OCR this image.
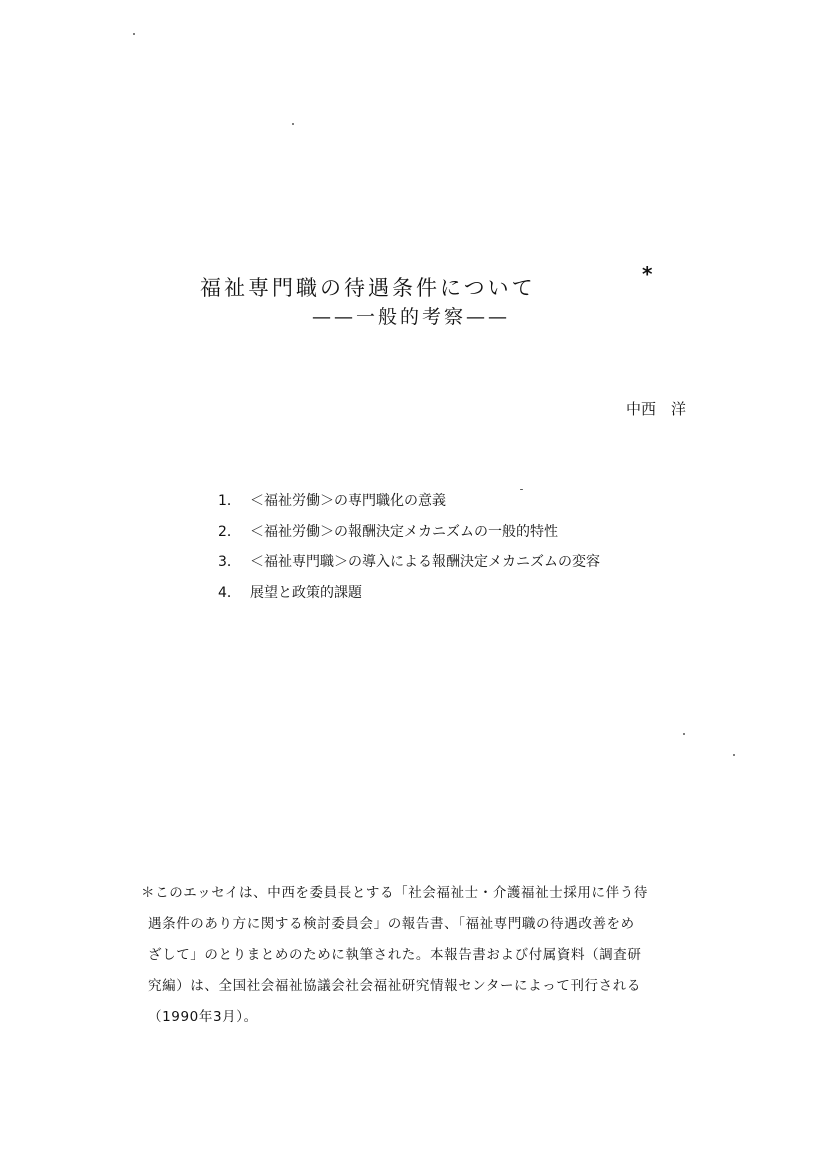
福祉専門職の待遇条件について
*
——一般的考察——
中西　洋
1． ＜福祉労働＞の専門職化の意義
2． ＜福祉労働＞の報酬決定メカニズムの一般的特性
3． ＜福祉専門職＞の導入による報酬決定メカニズムの変容
4． 展望と政策的課題
＊このエッセイは、中西を委員長とする「社会福祉士・介護福祉士採用に伴う待
遇条件のあり方に関する検討委員会」の報告書、「福祉専門職の待遇改善をめ
ざして」のとりまとめのために執筆された。本報告書および付属資料（調査研
究編）は、全国社会福祉協議会社会福祉研究情報センターによって刊行される
（1990年3月）。
